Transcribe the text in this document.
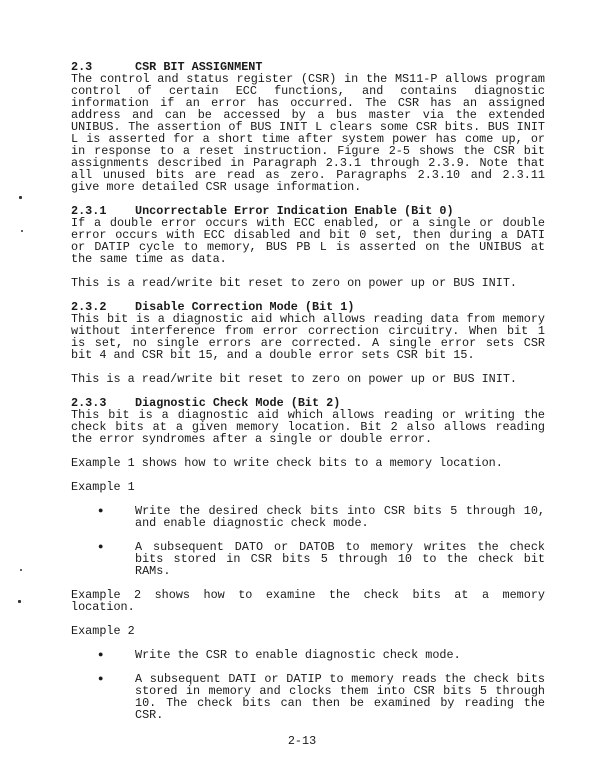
2.3	CSR BIT ASSIGNMENT
The control and status register (CSR) in the MS11-P allows program
control of certain ECC functions, and contains diagnostic
information if an error has occurred. The CSR has an assigned
address and can be accessed by a bus master via the extended
UNIBUS. The assertion of BUS INIT L clears some CSR bits. BUS INIT
L is asserted for a short time after system power has come up, or
in response to a reset instruction. Figure 2-5 shows the CSR bit
assignments described in Paragraph 2.3.1 through 2.3.9. Note that
all unused bits are read as zero. Paragraphs 2.3.10 and 2.3.11
give more detailed CSR usage information.
2.3.1	Uncorrectable Error Indication Enable (Bit 0)
If a double error occurs with ECC enabled, or a single or double
error occurs with ECC disabled and bit 0 set, then during a DATI
or DATIP cycle to memory, BUS PB L is asserted on the UNIBUS at
the same time as data.
This is a read/write bit reset to zero on power up or BUS INIT.
2.3.2	Disable Correction Mode (Bit 1)
This bit is a diagnostic aid which allows reading data from memory
without interference from error correction circuitry. When bit 1
is set, no single errors are corrected. A single error sets CSR
bit 4 and CSR bit 15, and a double error sets CSR bit 15.
This is a read/write bit reset to zero on power up or BUS INIT.
2.3.3	Diagnostic Check Mode (Bit 2)
This bit is a diagnostic aid which allows reading or writing the
check bits at a given memory location. Bit 2 also allows reading
the error syndromes after a single or double error.
Example 1 shows how to write check bits to a memory location.
Example 1
●	Write the desired check bits into CSR bits 5 through 10,
and enable diagnostic check mode.
●	A subsequent DATO or DATOB to memory writes the check
bits stored in CSR bits 5 through 10 to the check bit
RAMs.
Example 2 shows how to examine the check bits at a memory
location.
Example 2
●	Write the CSR to enable diagnostic check mode.
●	A subsequent DATI or DATIP to memory reads the check bits
stored in memory and clocks them into CSR bits 5 through
10. The check bits can then be examined by reading the
CSR.
2-13
